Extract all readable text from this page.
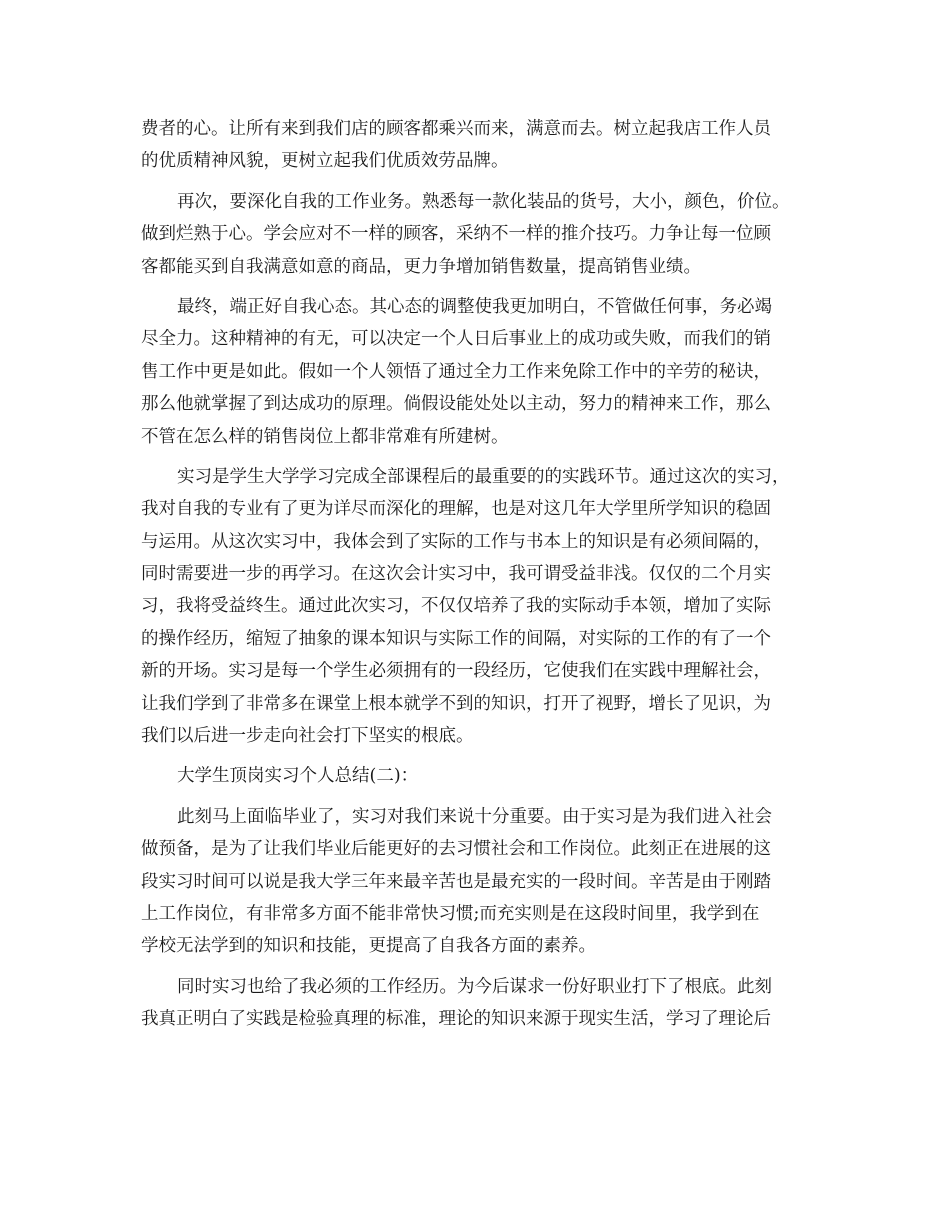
费者的心。让所有来到我们店的顾客都乘兴而来，满意而去。树立起我店工作人员
的优质精神风貌，更树立起我们优质效劳品牌。
再次，要深化自我的工作业务。熟悉每一款化装品的货号，大小，颜色，价位。
做到烂熟于心。学会应对不一样的顾客，采纳不一样的推介技巧。力争让每一位顾
客都能买到自我满意如意的商品，更力争增加销售数量，提高销售业绩。
最终，端正好自我心态。其心态的调整使我更加明白，不管做任何事，务必竭
尽全力。这种精神的有无，可以决定一个人日后事业上的成功或失败，而我们的销
售工作中更是如此。假如一个人领悟了通过全力工作来免除工作中的辛劳的秘诀，
那么他就掌握了到达成功的原理。倘假设能处处以主动，努力的精神来工作，那么
不管在怎么样的销售岗位上都非常难有所建树。
实习是学生大学学习完成全部课程后的最重要的的实践环节。通过这次的实习，
我对自我的专业有了更为详尽而深化的理解，也是对这几年大学里所学知识的稳固
与运用。从这次实习中，我体会到了实际的工作与书本上的知识是有必须间隔的，
同时需要进一步的再学习。在这次会计实习中，我可谓受益非浅。仅仅的二个月实
习，我将受益终生。通过此次实习，不仅仅培养了我的实际动手本领，增加了实际
的操作经历，缩短了抽象的课本知识与实际工作的间隔，对实际的工作的有了一个
新的开场。实习是每一个学生必须拥有的一段经历，它使我们在实践中理解社会，
让我们学到了非常多在课堂上根本就学不到的知识，打开了视野，增长了见识，为
我们以后进一步走向社会打下坚实的根底。
大学生顶岗实习个人总结(二)：
此刻马上面临毕业了，实习对我们来说十分重要。由于实习是为我们进入社会
做预备，是为了让我们毕业后能更好的去习惯社会和工作岗位。此刻正在进展的这
段实习时间可以说是我大学三年来最辛苦也是最充实的一段时间。辛苦是由于刚踏
上工作岗位，有非常多方面不能非常快习惯;而充实则是在这段时间里，我学到在
学校无法学到的知识和技能，更提高了自我各方面的素养。
同时实习也给了我必须的工作经历。为今后谋求一份好职业打下了根底。此刻
我真正明白了实践是检验真理的标准，理论的知识来源于现实生活，学习了理论后
